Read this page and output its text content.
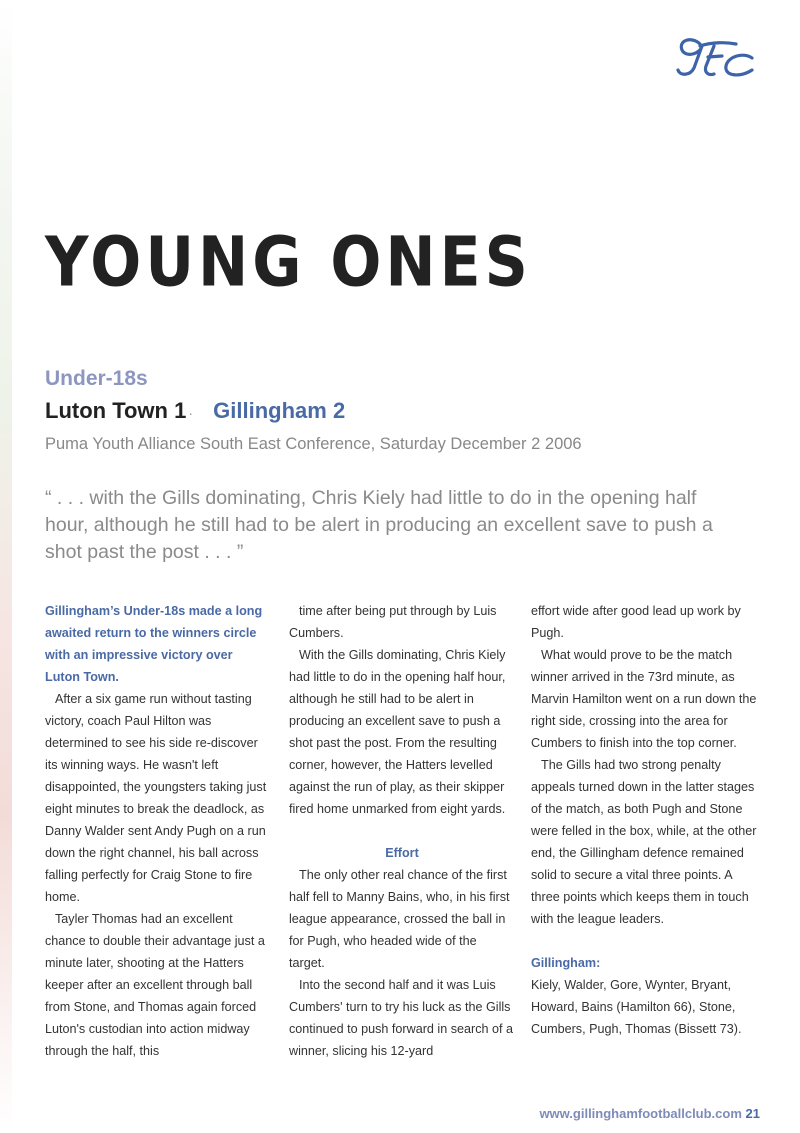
YOUNG ONES
Under-18s
Luton Town 1 · Gillingham 2
Puma Youth Alliance South East Conference, Saturday December 2 2006

“ . . . with the Gills dominating, Chris Kiely had little to do in the opening half hour, although he still had to be alert in producing an excellent save to push a shot past the post . . . ”

Gillingham’s Under-18s made a long awaited return to the winners circle with an impressive victory over Luton Town.

After a six game run without tasting victory, coach Paul Hilton was determined to see his side re-discover its winning ways. He wasn't left disappointed, the youngsters taking just eight minutes to break the deadlock, as Danny Walder sent Andy Pugh on a run down the right channel, his ball across falling perfectly for Craig Stone to fire home.

Tayler Thomas had an excellent chance to double their advantage just a minute later, shooting at the Hatters keeper after an excellent through ball from Stone, and Thomas again forced Luton's custodian into action midway through the half, this

time after being put through by Luis Cumbers.

With the Gills dominating, Chris Kiely had little to do in the opening half hour, although he still had to be alert in producing an excellent save to push a shot past the post. From the resulting corner, however, the Hatters levelled against the run of play, as their skipper fired home unmarked from eight yards.

Effort

The only other real chance of the first half fell to Manny Bains, who, in his first league appearance, crossed the ball in for Pugh, who headed wide of the target.

Into the second half and it was Luis Cumbers' turn to try his luck as the Gills continued to push forward in search of a winner, slicing his 12-yard

effort wide after good lead up work by Pugh.

What would prove to be the match winner arrived in the 73rd minute, as Marvin Hamilton went on a run down the right side, crossing into the area for Cumbers to finish into the top corner.

The Gills had two strong penalty appeals turned down in the latter stages of the match, as both Pugh and Stone were felled in the box, while, at the other end, the Gillingham defence remained solid to secure a vital three points. A three points which keeps them in touch with the league leaders.

Gillingham:

Kiely, Walder, Gore, Wynter, Bryant, Howard, Bains (Hamilton 66), Stone, Cumbers, Pugh, Thomas (Bissett 73).

www.gillinghamfootballclub.com 21
